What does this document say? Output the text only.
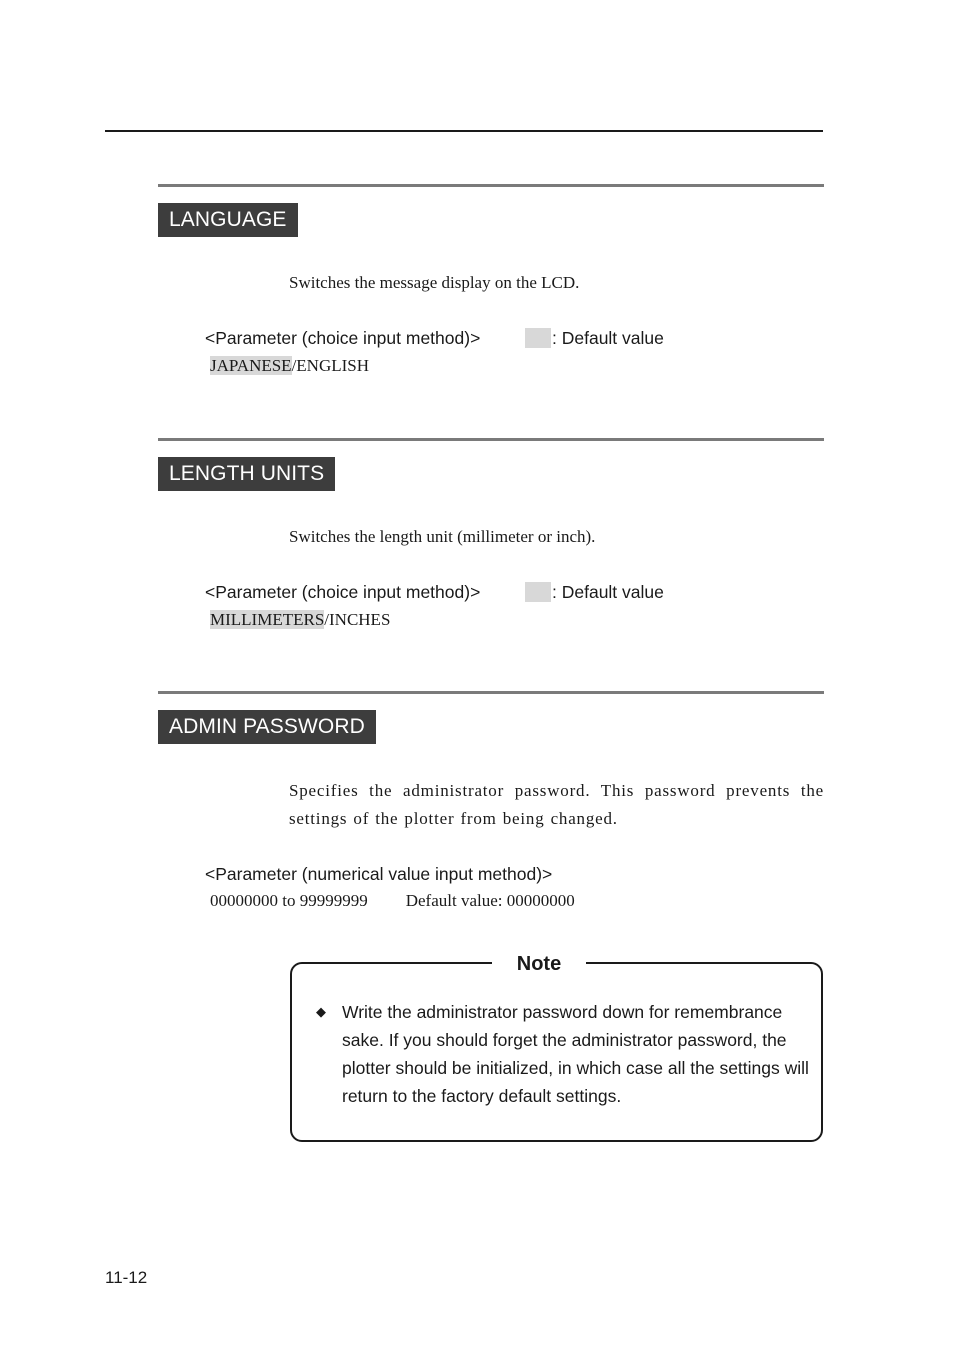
LANGUAGE
Switches the message display on the LCD.
<Parameter (choice input method)>	: Default value
JAPANESE/ENGLISH
LENGTH UNITS
Switches the length unit (millimeter or inch).
<Parameter (choice input method)>	: Default value
MILLIMETERS/INCHES
ADMIN PASSWORD
Specifies the administrator password. This password prevents the settings of the plotter from being changed.
<Parameter (numerical value input method)>
00000000 to 99999999 Default value: 00000000
Note
◆ Write the administrator password down for remembrance sake. If you should forget the administrator password, the plotter should be initialized, in which case all the settings will return to the factory default settings.
11-12
